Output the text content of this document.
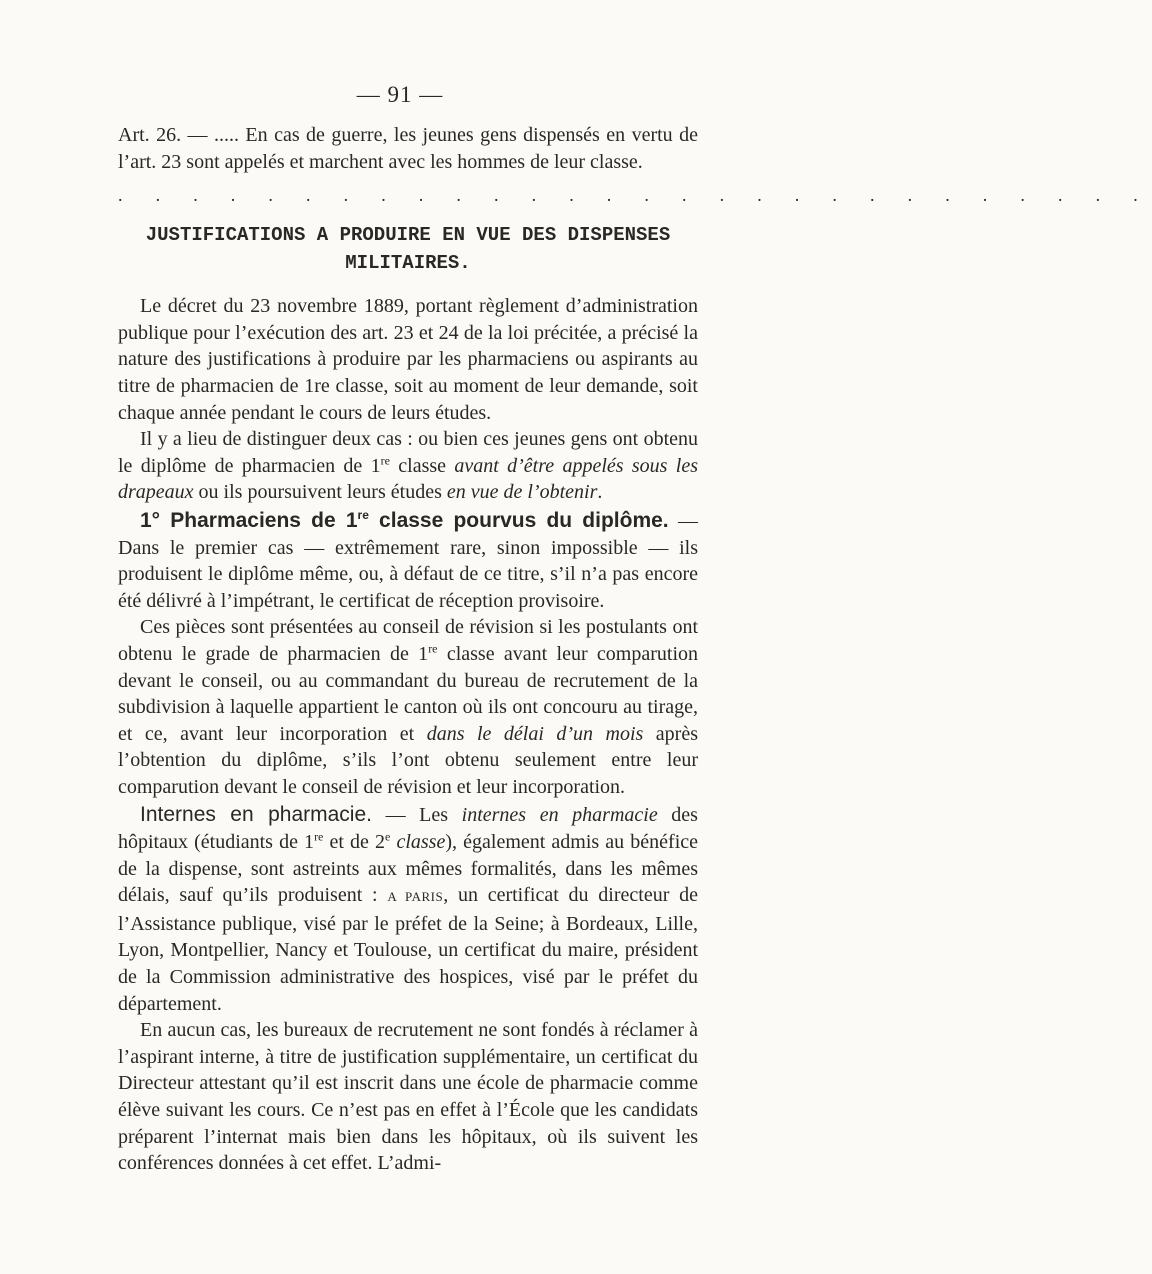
— 91 —

Art. 26. — ..... En cas de guerre, les jeunes gens dispensés en vertu de l’art. 23 sont appelés et marchent avec les hommes de leur classe.

. . . . . . . . . . . . . . . . . . . . . . . . . . . .
JUSTIFICATIONS A PRODUIRE EN VUE DES DISPENSES MILITAIRES.

Le décret du 23 novembre 1889, portant règlement d’administration publique pour l’exécution des art. 23 et 24 de la loi précitée, a précisé la nature des justifications à produire par les pharmaciens ou aspirants au titre de pharmacien de 1re classe, soit au moment de leur demande, soit chaque année pendant le cours de leurs études.

Il y a lieu de distinguer deux cas : ou bien ces jeunes gens ont obtenu le diplôme de pharmacien de 1re classe avant d’être appelés sous les drapeaux ou ils poursuivent leurs études en vue de l’obtenir.

1° Pharmaciens de 1re classe pourvus du diplôme. — Dans le premier cas — extrêmement rare, sinon impossible — ils produisent le diplôme même, ou, à défaut de ce titre, s’il n’a pas encore été délivré à l’impétrant, le certificat de réception provisoire.

Ces pièces sont présentées au conseil de révision si les postulants ont obtenu le grade de pharmacien de 1re classe avant leur comparution devant le conseil, ou au commandant du bureau de recrutement de la subdivision à laquelle appartient le canton où ils ont concouru au tirage, et ce, avant leur incorporation et dans le délai d’un mois après l’obtention du diplôme, s’ils l’ont obtenu seulement entre leur comparution devant le conseil de révision et leur incorporation.

Internes en pharmacie. — Les internes en pharmacie des hôpitaux (étudiants de 1re et de 2e classe), également admis au bénéfice de la dispense, sont astreints aux mêmes formalités, dans les mêmes délais, sauf qu’ils produisent : A PARIS, un certificat du directeur de l’Assistance publique, visé par le préfet de la Seine; à Bordeaux, Lille, Lyon, Montpellier, Nancy et Toulouse, un certificat du maire, président de la Commission administrative des hospices, visé par le préfet du département.

En aucun cas, les bureaux de recrutement ne sont fondés à réclamer à l’aspirant interne, à titre de justification supplémentaire, un certificat du Directeur attestant qu’il est inscrit dans une école de pharmacie comme élève suivant les cours. Ce n’est pas en effet à l’École que les candidats préparent l’internat mais bien dans les hôpitaux, où ils suivent les conférences données à cet effet. L’admi-
